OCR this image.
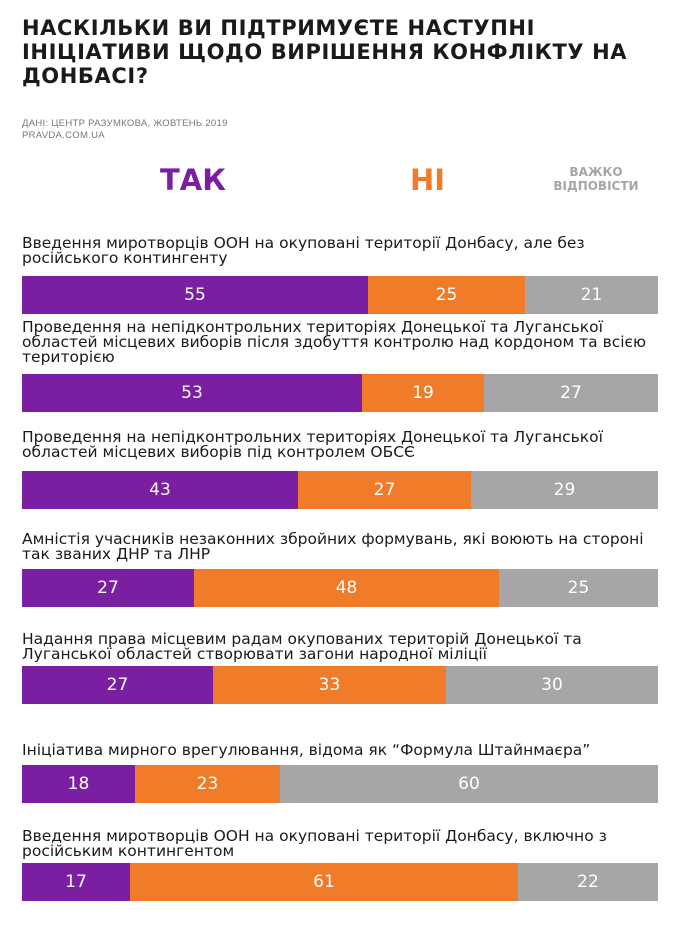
НАСКІЛЬКИ ВИ ПІДТРИМУЄТЕ НАСТУПНІ ІНІЦІАТИВИ ЩОДО ВИРІШЕННЯ КОНФЛІКТУ НА ДОНБАСІ?
ДАНІ: ЦЕНТР РАЗУМКОВА, ЖОВТЕНЬ 2019
PRAVDA.COM.UA
ТАК	НІ	ВАЖКО ВІДПОВІСТИ
Введення миротворців ООН на окуповані території Донбасу, але без російського контингенту
55	25	21
Проведення на непідконтрольних територіях Донецької та Луганської областей місцевих виборів після здобуття контролю над кордоном та всією територією
53	19	27
Проведення на непідконтрольних територіях Донецької та Луганської областей місцевих виборів під контролем ОБСЄ
43	27	29
Амністія учасників незаконних збройних формувань, які воюють на стороні так званих ДНР та ЛНР
27	48	25
Надання права місцевим радам окупованих територій Донецької та Луганської областей створювати загони народної міліції
27	33	30
Ініціатива мирного врегулювання, відома як “Формула Штайнмаєра”
18	23	60
Введення миротворців ООН на окуповані території Донбасу, включно з російським контингентом
17	61	22
